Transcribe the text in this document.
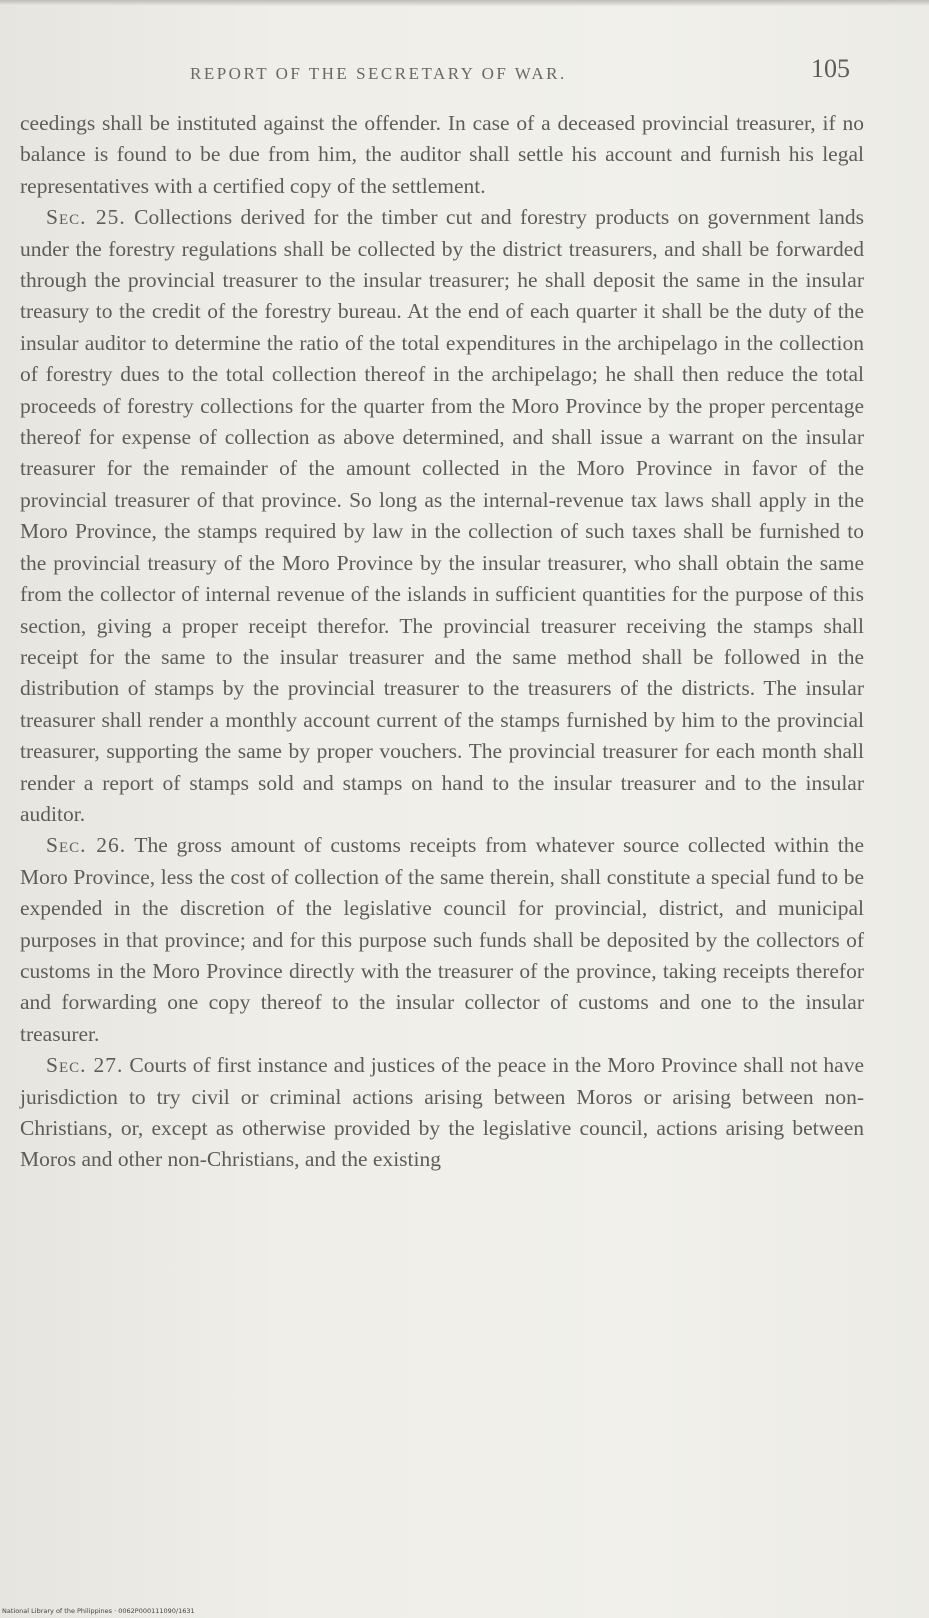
REPORT OF THE SECRETARY OF WAR.	105

ceedings shall be instituted against the offender. In case of a deceased provincial treasurer, if no balance is found to be due from him, the auditor shall settle his account and furnish his legal representatives with a certified copy of the settlement.

Sec. 25. Collections derived for the timber cut and forestry products on government lands under the forestry regulations shall be collected by the district treasurers, and shall be forwarded through the provincial treasurer to the insular treasurer; he shall deposit the same in the insular treasury to the credit of the forestry bureau. At the end of each quarter it shall be the duty of the insular auditor to determine the ratio of the total expenditures in the archipelago in the collection of forestry dues to the total collection thereof in the archipelago; he shall then reduce the total proceeds of forestry collections for the quarter from the Moro Province by the proper percentage thereof for expense of collection as above determined, and shall issue a warrant on the insular treasurer for the remainder of the amount collected in the Moro Province in favor of the provincial treasurer of that province. So long as the internal-revenue tax laws shall apply in the Moro Province, the stamps required by law in the collection of such taxes shall be furnished to the provincial treasury of the Moro Province by the insular treasurer, who shall obtain the same from the collector of internal revenue of the islands in sufficient quantities for the purpose of this section, giving a proper receipt therefor. The provincial treasurer receiving the stamps shall receipt for the same to the insular treasurer and the same method shall be followed in the distribution of stamps by the provincial treasurer to the treasurers of the districts. The insular treasurer shall render a monthly account current of the stamps furnished by him to the provincial treasurer, supporting the same by proper vouchers. The provincial treasurer for each month shall render a report of stamps sold and stamps on hand to the insular treasurer and to the insular auditor.

Sec. 26. The gross amount of customs receipts from whatever source collected within the Moro Province, less the cost of collection of the same therein, shall constitute a special fund to be expended in the discretion of the legislative council for provincial, district, and municipal purposes in that province; and for this purpose such funds shall be deposited by the collectors of customs in the Moro Province directly with the treasurer of the province, taking receipts therefor and forwarding one copy thereof to the insular collector of customs and one to the insular treasurer.

Sec. 27. Courts of first instance and justices of the peace in the Moro Province shall not have jurisdiction to try civil or criminal actions arising between Moros or arising between non-Christians, or, except as otherwise provided by the legislative council, actions arising between Moros and other non-Christians, and the existing

National Library of the Philippines · 0062P000111090/1631
